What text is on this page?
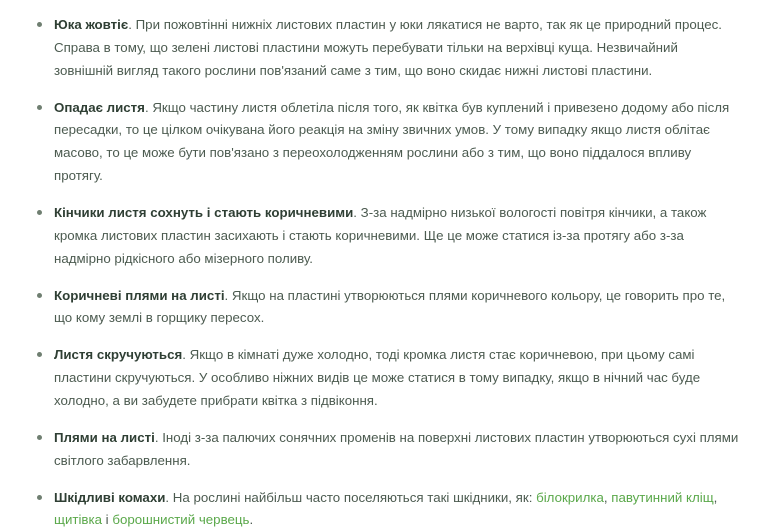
Юка жовтіє. При пожовтінні нижніх листових пластин у юки лякатися не варто, так як це природний процес. Справа в тому, що зелені листові пластини можуть перебувати тільки на верхівці куща. Незвичайний зовнішній вигляд такого рослини пов'язаний саме з тим, що воно скидає нижні листові пластини.
Опадає листя. Якщо частину листя облетіла після того, як квітка був куплений і привезено додому або після пересадки, то це цілком очікувана його реакція на зміну звичних умов. У тому випадку якщо листя облітає масово, то це може бути пов'язано з переохолодженням рослини або з тим, що воно піддалося впливу протягу.
Кінчики листя сохнуть і стають коричневими. З-за надмірно низької вологості повітря кінчики, а також кромка листових пластин засихають і стають коричневими. Ще це може статися із-за протягу або з-за надмірно рідкісного або мізерного поливу.
Коричневі плями на листі. Якщо на пластині утворюються плями коричневого кольору, це говорить про те, що кому землі в горщику пересох.
Листя скручуються. Якщо в кімнаті дуже холодно, тоді кромка листя стає коричневою, при цьому самі пластини скручуються. У особливо ніжних видів це може статися в тому випадку, якщо в нічний час буде холодно, а ви забудете прибрати квітка з підвіконня.
Плями на листі. Іноді з-за палючих сонячних променів на поверхні листових пластин утворюються сухі плями світлого забарвлення.
Шкідливі комахи. На рослині найбільш часто поселяються такі шкідники, як: білокрилка, павутинний кліщ, щитівка і борошнистий червець.
